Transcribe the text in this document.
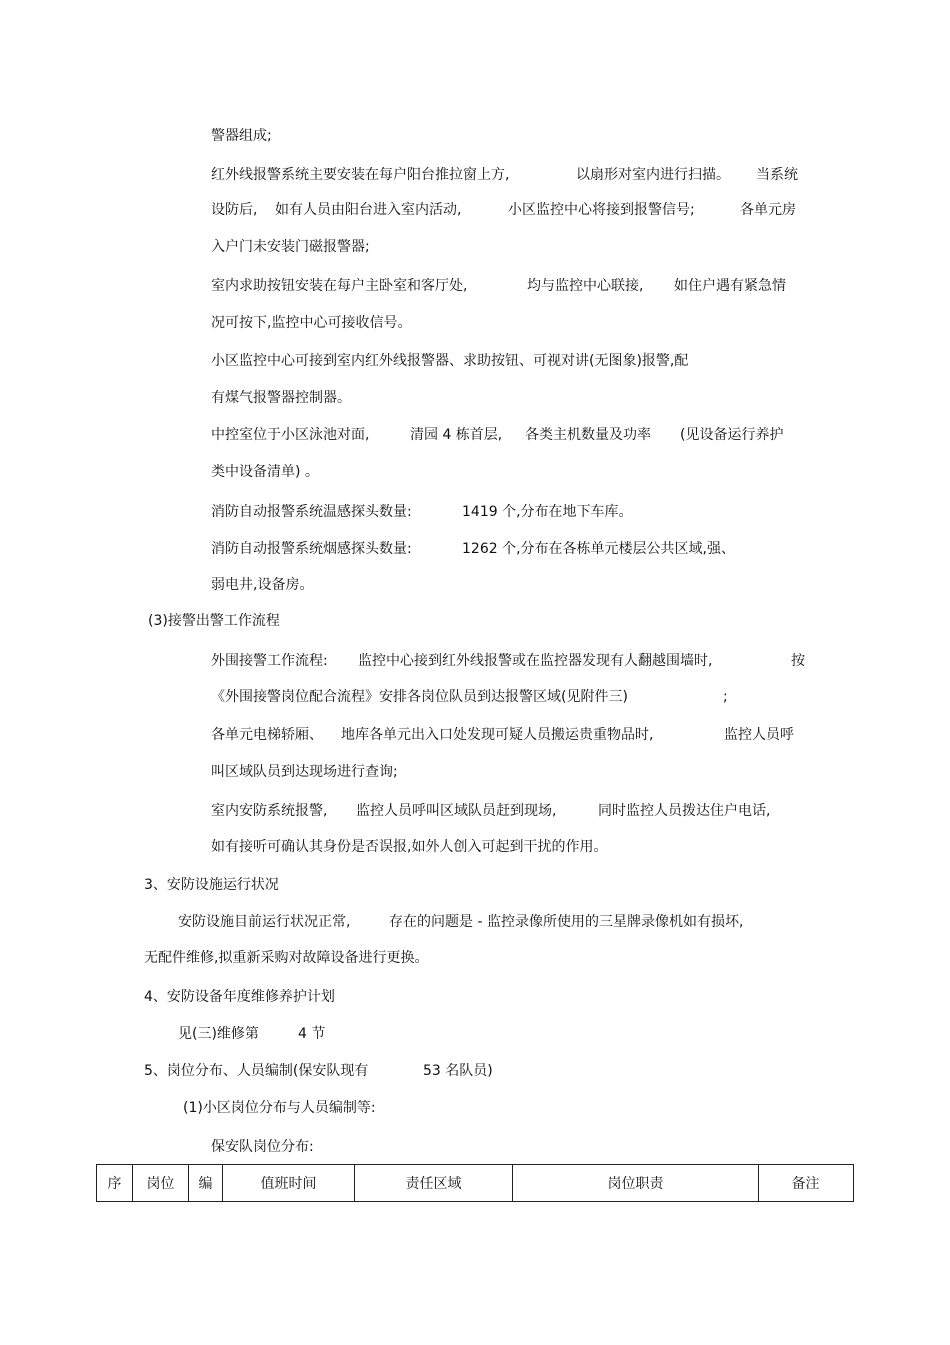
警器组成;
红外线报警系统主要安装在每户阳台推拉窗上方,	以扇形对室内进行扫描。 当系统
设防后, 如有人员由阳台进入室内活动,	小区监控中心将接到报警信号;	各单元房
入户门未安装门磁报警器;
室内求助按钮安装在每户主卧室和客厅处,	均与监控中心联接, 如住户遇有紧急情
况可按下,监控中心可接收信号。
小区监控中心可接到室内红外线报警器、求助按钮、可视对讲(无图象)报警,配
有煤气报警器控制器。
中控室位于小区泳池对面,	清园 4 栋首层, 各类主机数量及功率 (见设备运行养护
类中设备清单) 。
消防自动报警系统温感探头数量:	1419 个,分布在地下车库。
消防自动报警系统烟感探头数量:	1262 个,分布在各栋单元楼层公共区域,强、
弱电井,设备房。
(3)接警出警工作流程
外围接警工作流程: 监控中心接到红外线报警或在监控器发现有人翻越围墙时,	按
《外围接警岗位配合流程》安排各岗位队员到达报警区域(见附件三)	;
各单元电梯轿厢、 地库各单元出入口处发现可疑人员搬运贵重物品时,	监控人员呼
叫区域队员到达现场进行查询;
室内安防系统报警, 监控人员呼叫区域队员赶到现场,	同时监控人员拨达住户电话,
如有接听可确认其身份是否误报,如外人创入可起到干扰的作用。
3、安防设施运行状况
安防设施目前运行状况正常,	存在的问题是 - 监控录像所使用的三星牌录像机如有损坏,
无配件维修,拟重新采购对故障设备进行更换。
4、安防设备年度维修养护计划
见(三)维修第	4 节
5、岗位分布、人员编制(保安队现有	53 名队员)
(1)小区岗位分布与人员编制等:
保安队岗位分布:
序	岗位	编	值班时间	责任区域	岗位职责	备注
